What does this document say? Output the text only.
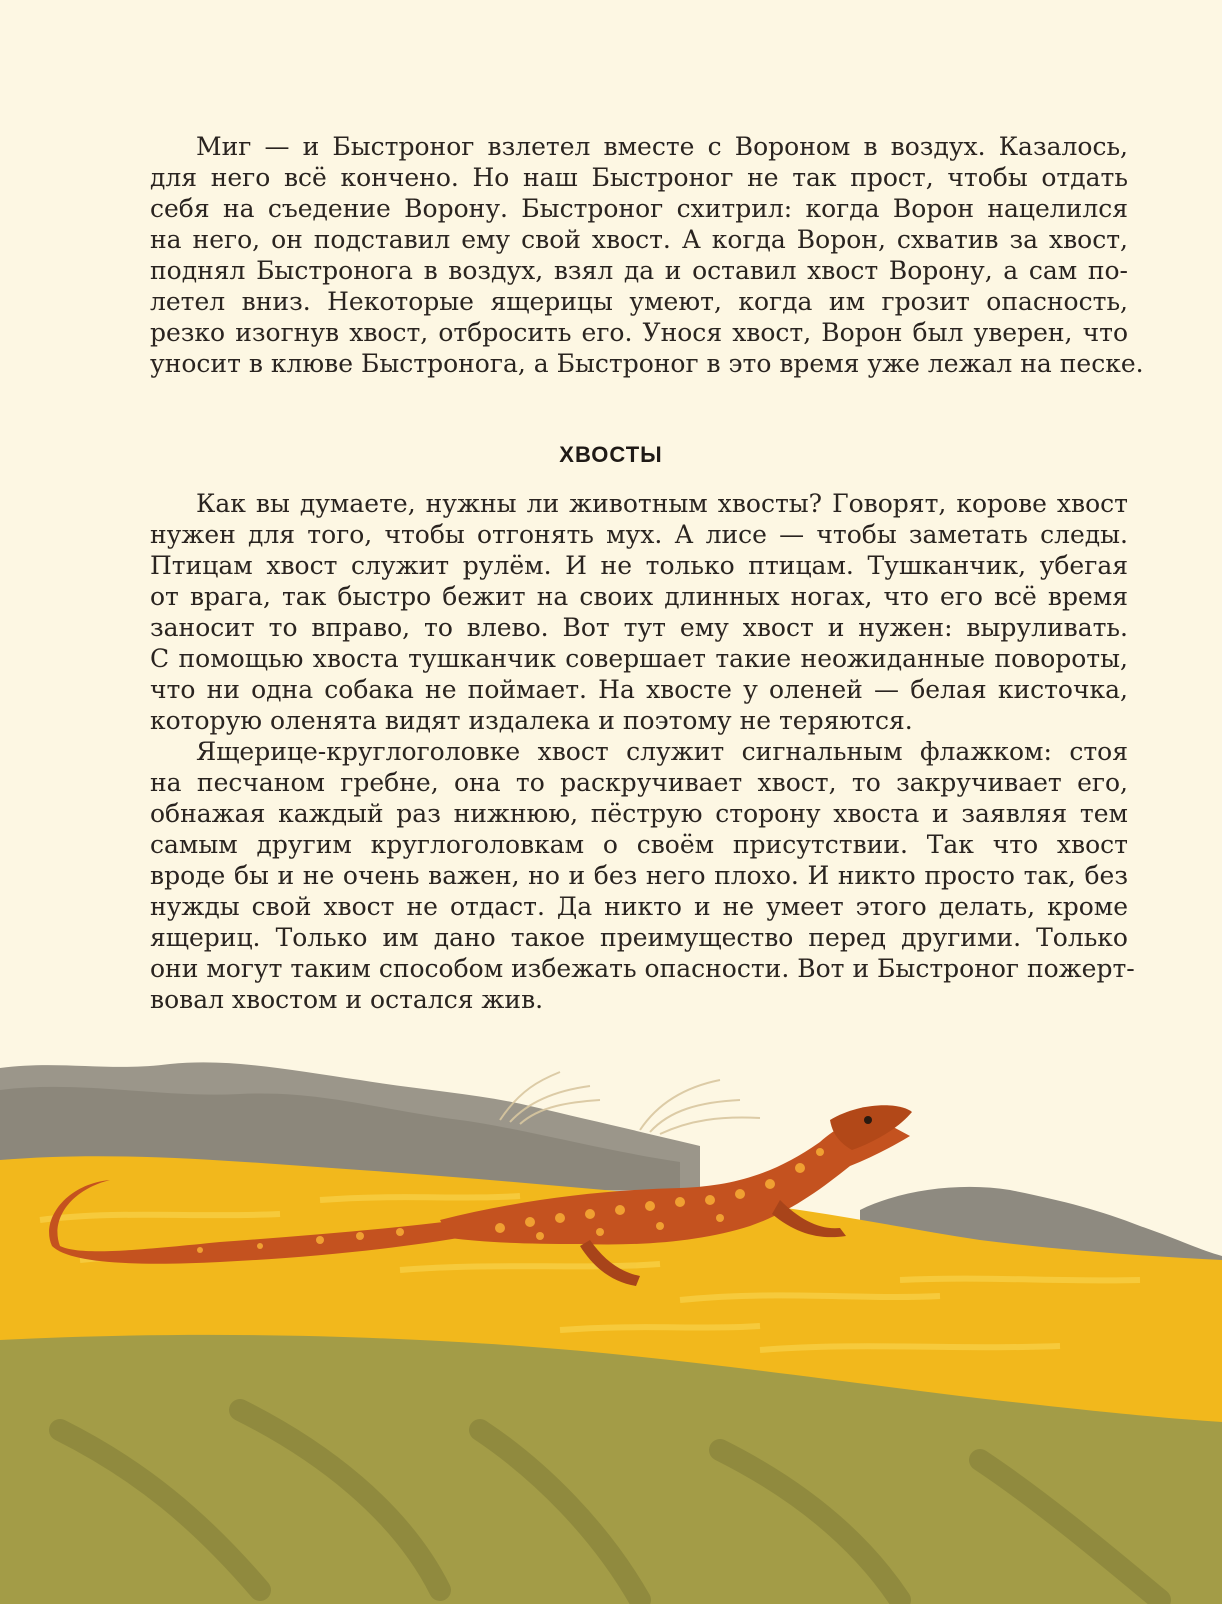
Миг — и Быстроног взлетел вместе с Вороном в воздух. Казалось,
для него всё кончено. Но наш Быстроног не так прост, чтобы отдать
себя на съедение Ворону. Быстроног схитрил: когда Ворон нацелился
на него, он подставил ему свой хвост. А когда Ворон, схватив за хвост,
поднял Быстронога в воздух, взял да и оставил хвост Ворону, а сам по-
летел вниз. Некоторые ящерицы умеют, когда им грозит опасность,
резко изогнув хвост, отбросить его. Унося хвост, Ворон был уверен, что
уносит в клюве Быстронога, а Быстроног в это время уже лежал на песке.
ХВОСТЫ
Как вы думаете, нужны ли животным хвосты? Говорят, корове хвост
нужен для того, чтобы отгонять мух. А лисе — чтобы заметать следы.
Птицам хвост служит рулём. И не только птицам. Тушканчик, убегая
от врага, так быстро бежит на своих длинных ногах, что его всё время
заносит то вправо, то влево. Вот тут ему хвост и нужен: выруливать.
С помощью хвоста тушканчик совершает такие неожиданные повороты,
что ни одна собака не поймает. На хвосте у оленей — белая кисточка,
которую оленята видят издалека и поэтому не теряются.
Ящерице-круглоголовке хвост служит сигнальным флажком: стоя
на песчаном гребне, она то раскручивает хвост, то закручивает его,
обнажая каждый раз нижнюю, пёструю сторону хвоста и заявляя тем
самым другим круглоголовкам о своём присутствии. Так что хвост
вроде бы и не очень важен, но и без него плохо. И никто просто так, без
нужды свой хвост не отдаст. Да никто и не умеет этого делать, кроме
ящериц. Только им дано такое преимущество перед другими. Только
они могут таким способом избежать опасности. Вот и Быстроног пожерт-
вовал хвостом и остался жив.
